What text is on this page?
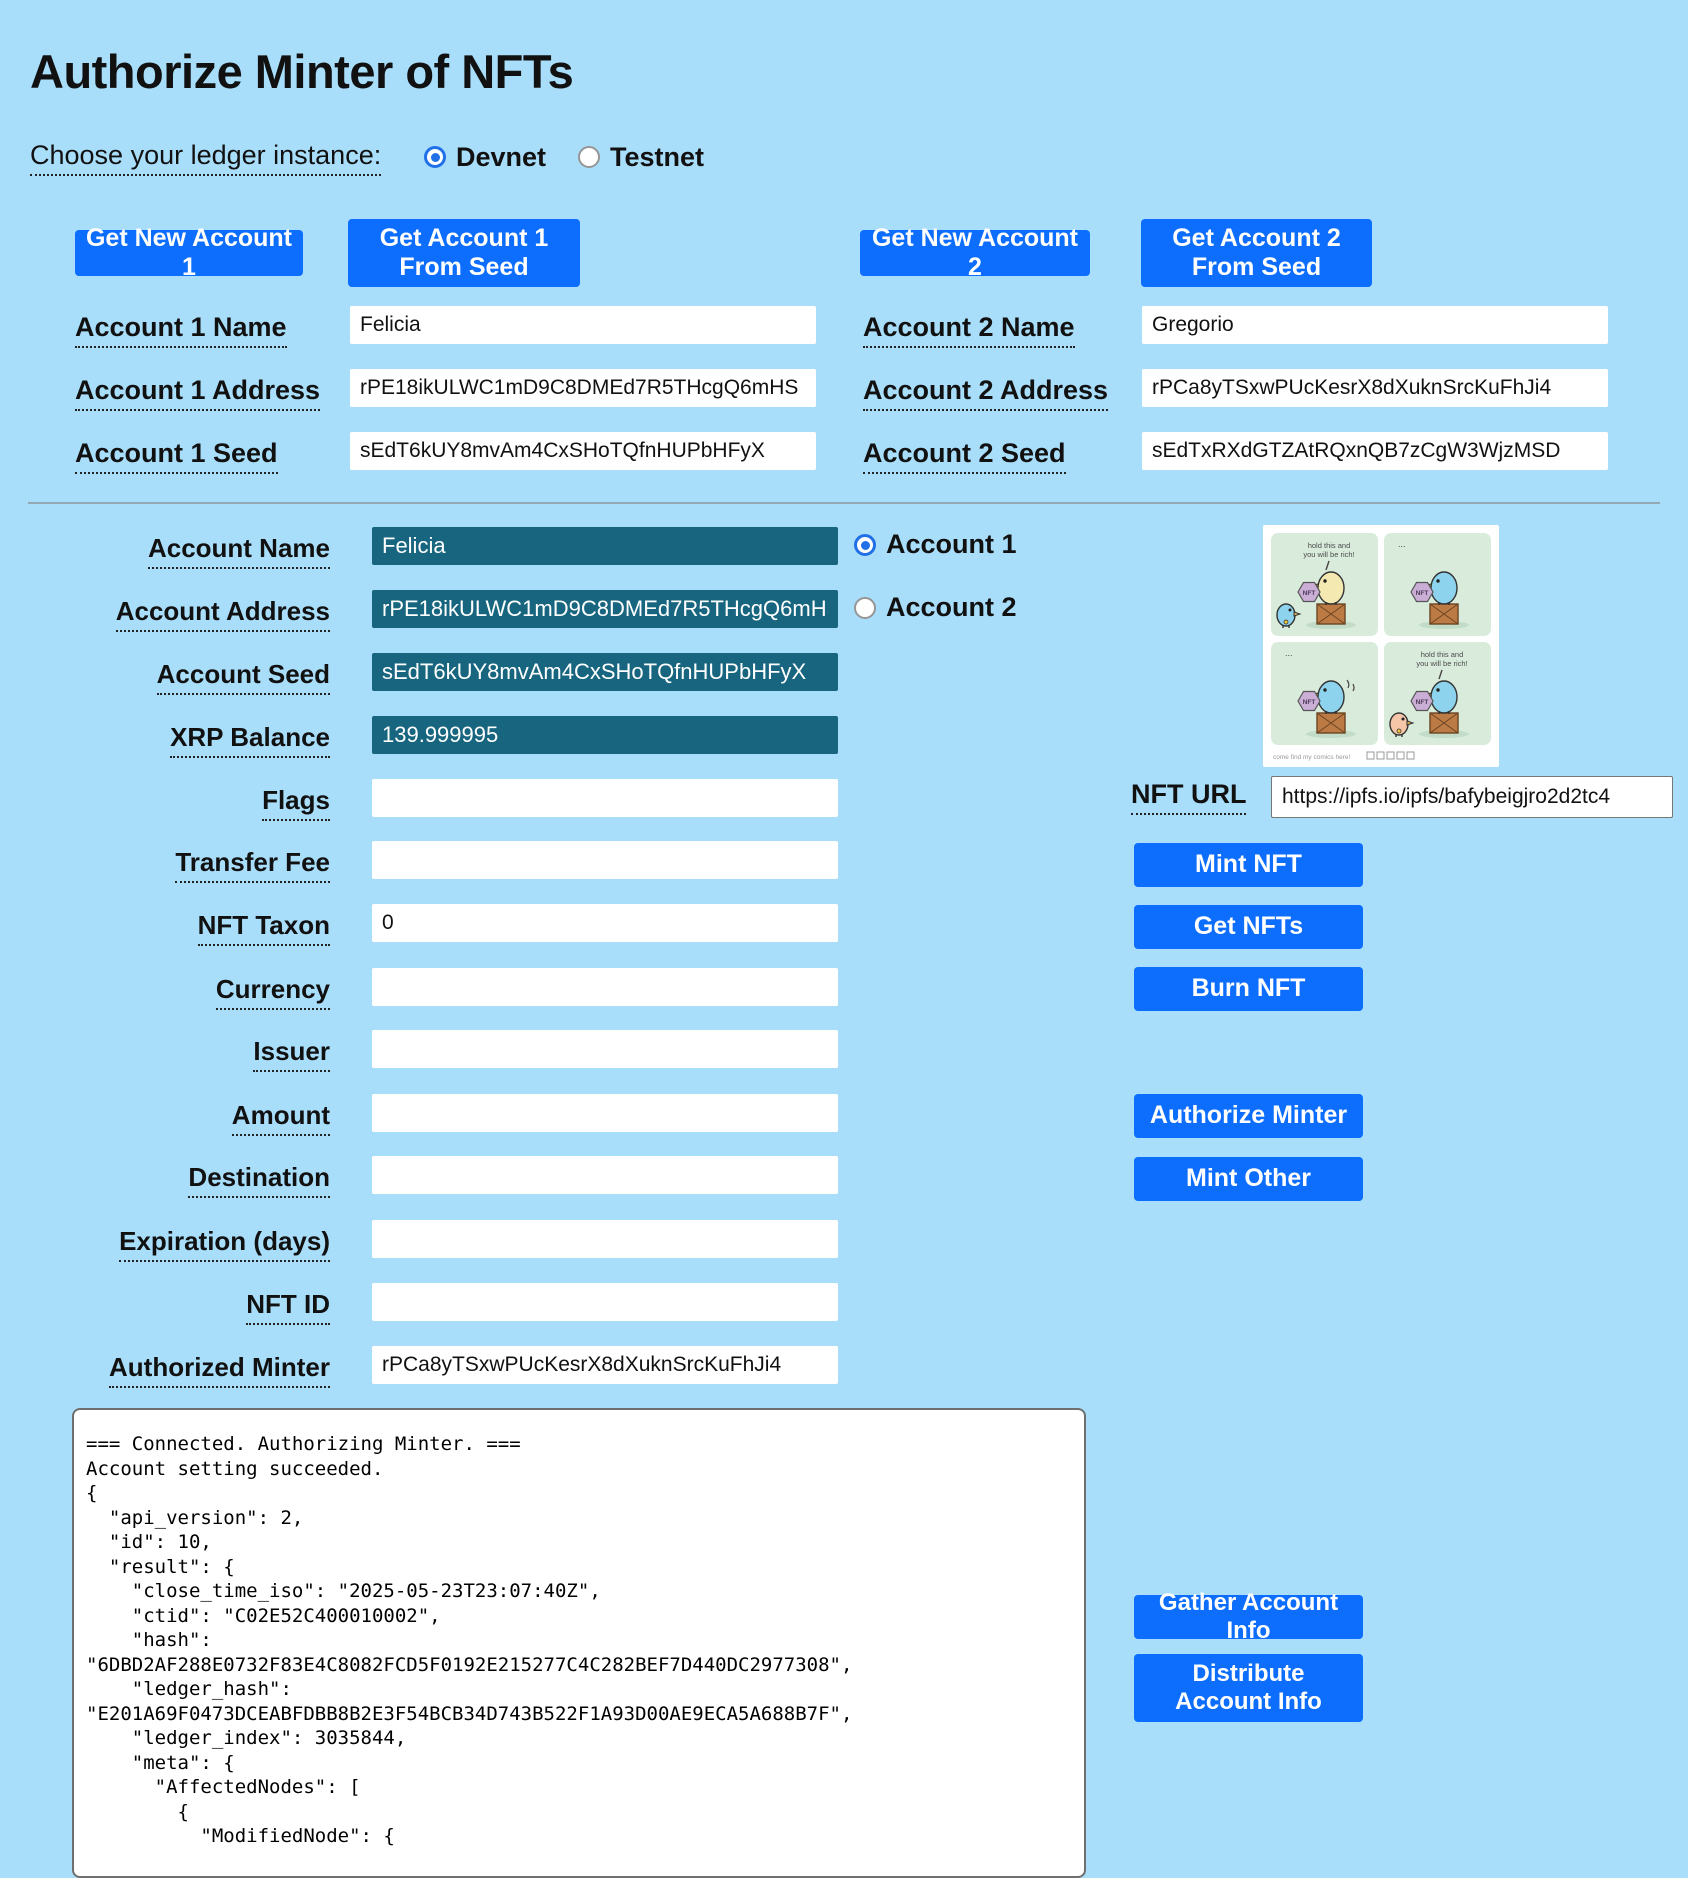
Authorize Minter of NFTs
Choose your ledger instance:	Devnet Testnet
Get New Account 1
Get Account 1 From Seed
Get New Account 2
Get Account 2 From Seed
Account 1 Name
Felicia
Account 1 Address
rPE18ikULWC1mD9C8DMEd7R5THcgQ6mHS
Account 1 Seed
sEdT6kUY8mvAm4CxSHoTQfnHUPbHFyX
Account 2 Name
Gregorio
Account 2 Address
rPCa8yTSxwPUcKesrX8dXuknSrcKuFhJi4
Account 2 Seed
sEdTxRXdGTZAtRQxnQB7zCgW3WjzMSD
Account Name
Felicia
Account Address
rPE18ikULWC1mD9C8DMEd7R5THcgQ6mHS
Account Seed
sEdT6kUY8mvAm4CxSHoTQfnHUPbHFyX
XRP Balance
139.999995
Flags
Transfer Fee
NFT Taxon
0
Currency
Issuer
Amount
Destination
Expiration (days)
NFT ID
Authorized Minter
rPCa8yTSxwPUcKesrX8dXuknSrcKuFhJi4
Account 1
Account 2
hold this and
you will be rich!
NFT
...
NFT
...
NFT
hold this and
you will be rich!
NFT
come find my comics here!
NFT URL
https://ipfs.io/ipfs/bafybeigjro2d2tc4
Mint NFT
Get NFTs
Burn NFT
Authorize Minter
Mint Other
=== Connected. Authorizing Minter. === Account setting succeeded. { "api_version": 2, "id": 10, "result": { "close_time_iso": "2025-05-23T23:07:40Z", "ctid": "C02E52C400010002", "hash": "6DBD2AF288E0732F83E4C8082FCD5F0192E215277C4C282BEF7D440DC2977308", "ledger_hash": "E201A69F0473DCEABFDBB8B2E3F54BCB34D743B522F1A93D00AE9ECA5A688B7F", "ledger_index": 3035844, "meta": { "AffectedNodes": [ { "ModifiedNode": {
Gather Account Info
Distribute Account Info
